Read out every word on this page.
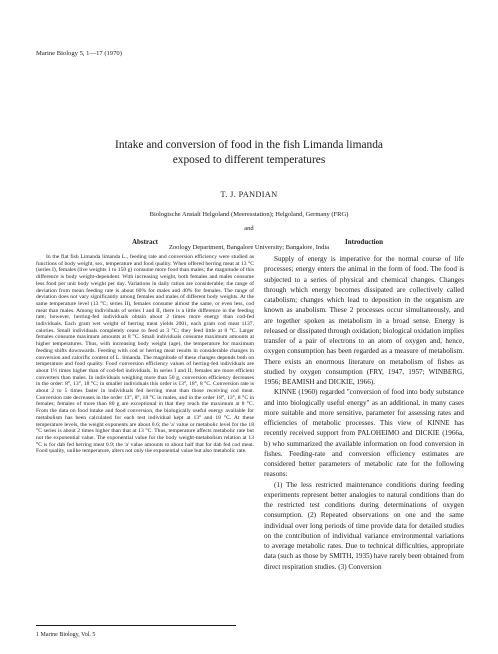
Marine Biology 5, 1—17 (1970)
Intake and conversion of food in the fish Limanda limanda
exposed to different temperatures
T. J. PANDIAN
Biologische Anstalt Helgoland (Meeresstation); Helgoland, Germany (FRG)
and
Zoology Department, Bangalore University; Bangalore, India
Abstract

In the flat fish Limanda limanda L., feeding rate and conversion efficiency were studied as functions of body weight, sex, temperature and food quality. When offered herring meat at 13 °C (series I), females (live weights 1 to 150 g) consume more food than males; the magnitude of this difference is body weight-dependent. With increasing weight, both females and males consume less food per unit body weight per day. Variations in daily ration are considerable; the range of deviation from mean feeding rate is about 60% for males and 40% for females. The range of deviation does not vary significantly among females and males of different body weights. At the same temperature level (13 °C; series II), females consume almost the same, or even less, cod meat than males. Among individuals of series I and II, there is a little difference in the feeding rate; however, herring-fed individuals obtain about 2 times more energy than cod-fed individuals. Each gram wet weight of herring meat yields 2001, each gram cod meat 1137, calories. Small individuals completely cease to feed at 3 °C; they feed little at 8 °C. Larger females consume maximum amounts at 8 °C. Small individuals consume maximum amounts at higher temperatures. Thus, with increasing body weight (age), the temperature for maximum feeding shifts downwards. Feeding with cod or herring meat results in considerable changes in conversion and calorific content of L. limanda. The magnitude of these changes depends both on temperature and food quality. Food conversion efficiency values of herring-fed individuals are about 1½ times higher than of cod-fed individuals. In series I and II, females are more efficient converters than males. In individuals weighing more than 50 g, conversion efficiency decreases in the order: 8°, 13°, 18 °C; in smaller individuals this order is 13°, 18°, 8 °C. Conversion rate is about 2 to 5 times faster in individuals fed herring meat than those receiving cod meat. Conversion rate decreases in the order 13°, 8°, 18 °C in males, and in the order 18°, 13°, 8 °C in females; females of more than 80 g are exceptional in that they reach the maximum at 8 °C. From the data on food intake and food conversion, the biologically useful energy available for metabolism has been calculated for each test individual kept at 13° and 18 °C. At these temperature levels, the weight exponents are about 0.6; the 'a' value or metabolic level for the 18 °C series is about 2 times higher than that at 13 °C. Thus, temperature affects metabolic rate but not the exponential value. The exponential value for the body weight-metabolism relation at 13 °C is for dab fed herring meat 0.9; the 'a' value amounts to about half that for dab fed cod meat. Food quality, unlike temperature, alters not only the exponential value but also metabolic rate.

Introduction

Supply of energy is imperative for the normal course of life processes; energy enters the animal in the form of food. The food is subjected to a series of physical and chemical changes. Changes through which energy becomes dissipated are collectively called catabolism; changes which lead to deposition in the organism are known as anabolism. These 2 processes occur simultaneously, and are together spoken as metabolism in a broad sense. Energy is released or dissipated through oxidation; biological oxidation implies transfer of a pair of electrons to an atom of oxygen and, hence, oxygen consumption has been regarded as a measure of metabolism. There exists an enormous literature on metabolism of fishes as studied by oxygen consumption (FRY, 1947, 1957; WINBERG, 1956; BEAMISH and DICKIE, 1966).

KINNE (1960) regarded "conversion of food into body substance and into biologically useful energy" as an additional, in many cases more suitable and more sensitive, parameter for assessing rates and efficiencies of metabolic processes. This view of KINNE has recently received support from PALOHEIMO and DICKIE (1966a, b) who summarized the available information on food conversion in fishes. Feeding-rate and conversion efficiency estimates are considered better parameters of metabolic rate for the following reasons:

(1) The less restricted maintenance conditions during feeding experiments represent better analogies to natural conditions than do the restricted test conditions during determinations of oxygen consumption. (2) Repeated observations on one and the same individual over long periods of time provide data for detailed studies on the contribution of individual variance environmental variations to average metabolic rates. Due to technical difficulties, appropriate data (such as those by SMITH, 1935) have rarely been obtained from direct respiration studies. (3) Conversion

1 Marine Biology, Vol. 5
